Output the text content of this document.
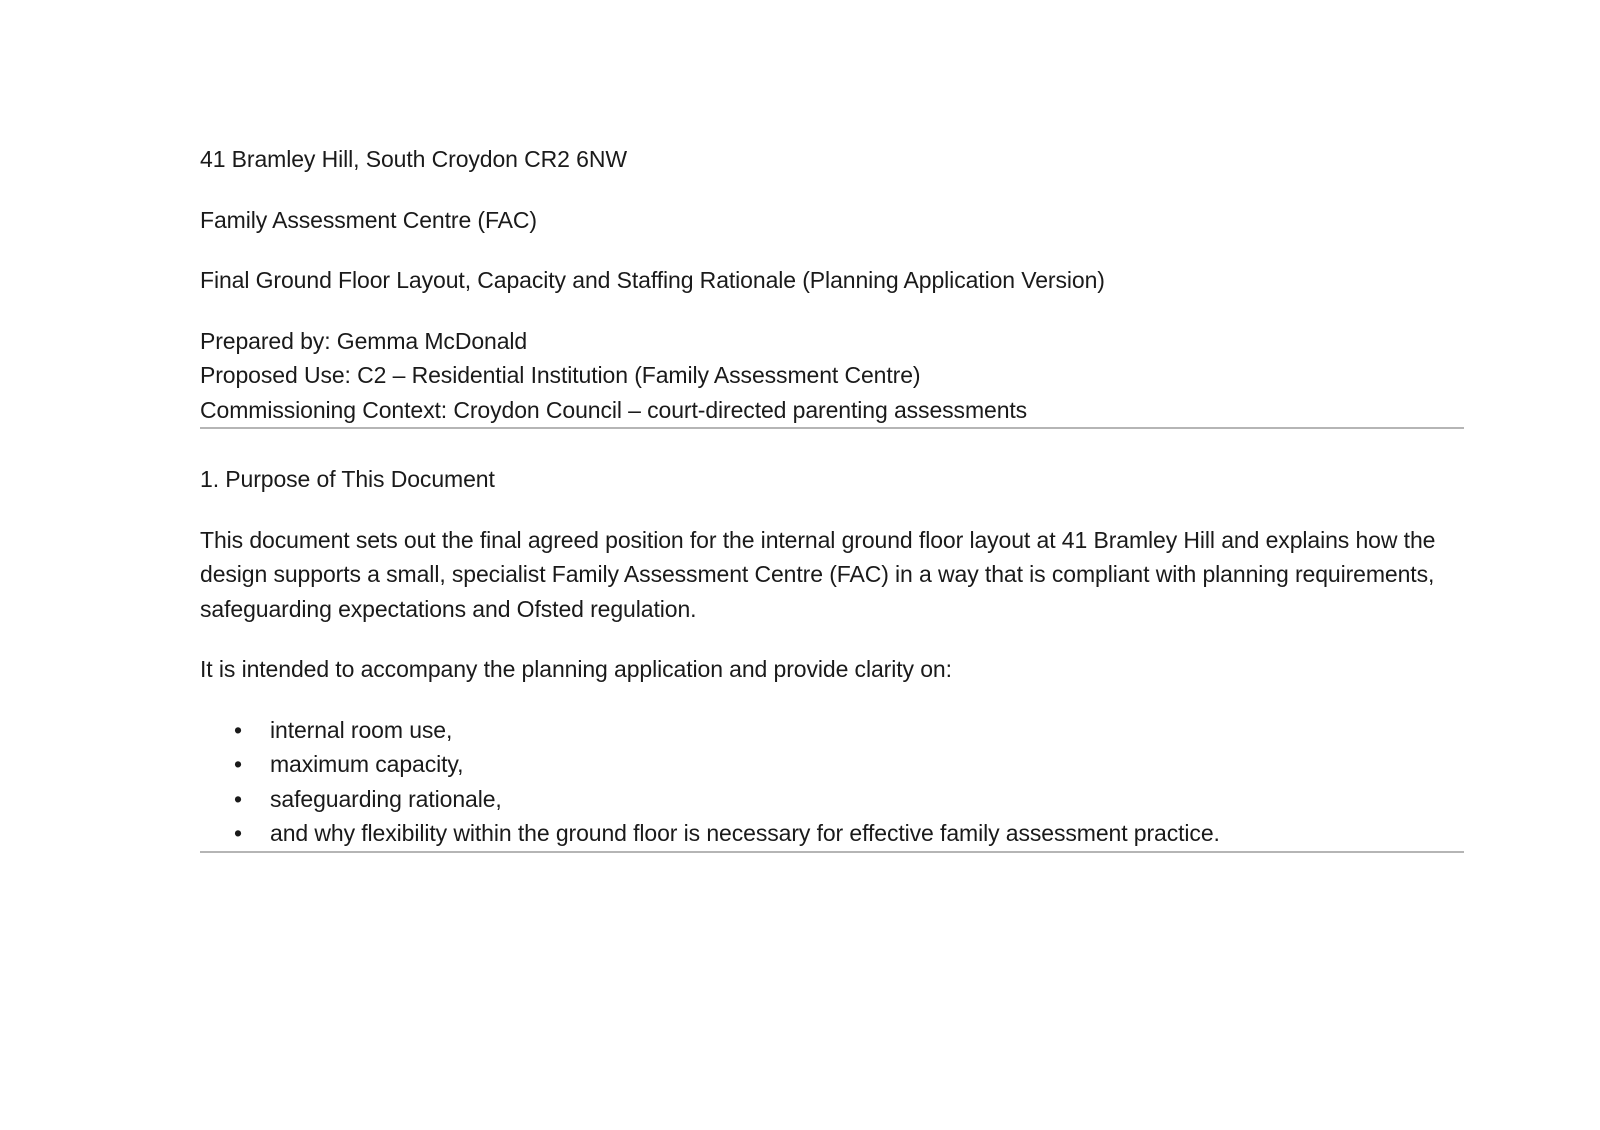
41 Bramley Hill, South Croydon CR2 6NW

Family Assessment Centre (FAC)

Final Ground Floor Layout, Capacity and Staffing Rationale (Planning Application Version)

Prepared by: Gemma McDonald

Proposed Use: C2 – Residential Institution (Family Assessment Centre)

Commissioning Context: Croydon Council – court-directed parenting assessments

1. Purpose of This Document

This document sets out the final agreed position for the internal ground floor layout at 41 Bramley Hill and explains how the design supports a small, specialist Family Assessment Centre (FAC) in a way that is compliant with planning requirements, safeguarding expectations and Ofsted regulation.

It is intended to accompany the planning application and provide clarity on:

• internal room use,
• maximum capacity,
• safeguarding rationale,
• and why flexibility within the ground floor is necessary for effective family assessment practice.
